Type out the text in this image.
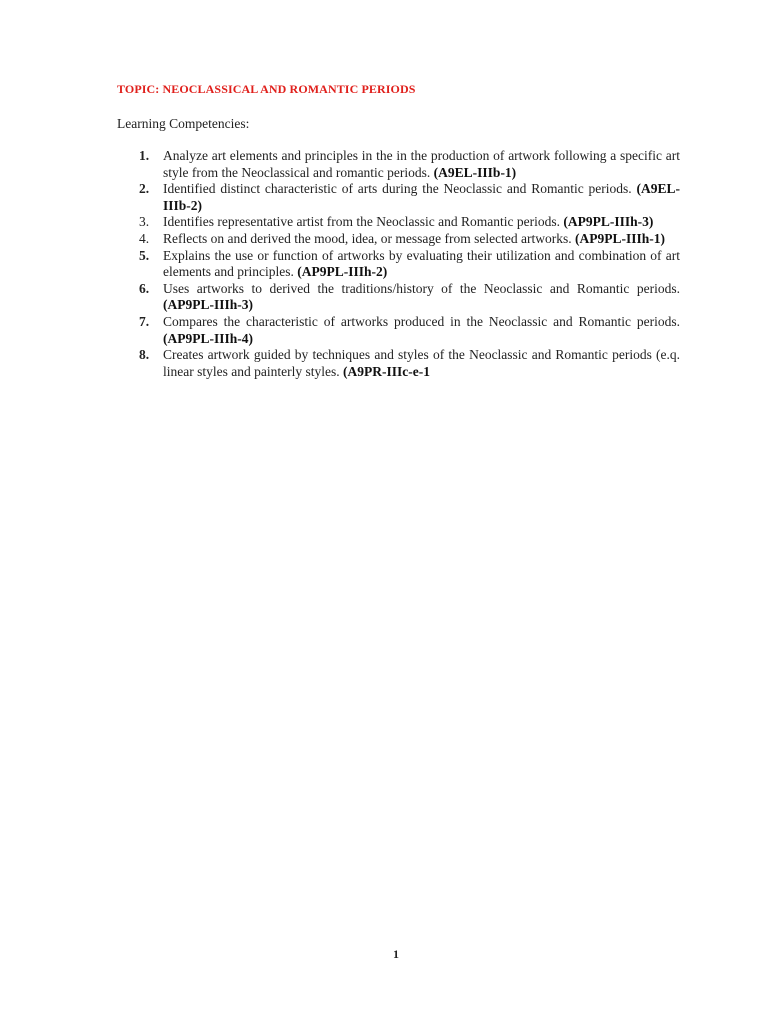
TOPIC: NEOCLASSICAL AND ROMANTIC PERIODS
Learning Competencies:
1. Analyze art elements and principles in the in the production of artwork following a specific art style from the Neoclassical and romantic periods. (A9EL-IIIb-1)
2. Identified distinct characteristic of arts during the Neoclassic and Romantic periods. (A9EL-IIIb-2)
3. Identifies representative artist from the Neoclassic and Romantic periods. (AP9PL-IIIh-3)
4. Reflects on and derived the mood, idea, or message from selected artworks. (AP9PL-IIIh-1)
5. Explains the use or function of artworks by evaluating their utilization and combination of art elements and principles. (AP9PL-IIIh-2)
6. Uses artworks to derived the traditions/history of the Neoclassic and Romantic periods. (AP9PL-IIIh-3)
7. Compares the characteristic of artworks produced in the Neoclassic and Romantic periods. (AP9PL-IIIh-4)
8. Creates artwork guided by techniques and styles of the Neoclassic and Romantic periods (e.q. linear styles and painterly styles. (A9PR-IIIc-e-1
1
